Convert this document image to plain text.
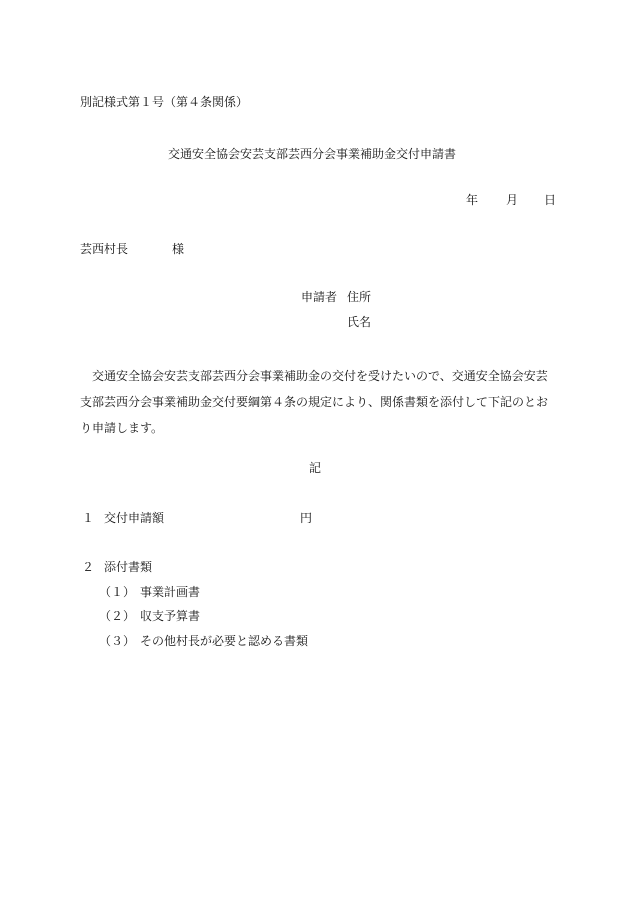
別記様式第１号（第４条関係）
交通安全協会安芸支部芸西分会事業補助金交付申請書
年 月 日
芸西村長	様
申請者 住所
氏名

交通安全協会安芸支部芸西分会事業補助金の交付を受けたいので、交通安全協会安芸支部芸西分会事業補助金交付要綱第４条の規定により、関係書類を添付して下記のとおり申請します。

記
１ 交付申請額	円
２ 添付書類
（１） 事業計画書
（２） 収支予算書
（３） その他村長が必要と認める書類
